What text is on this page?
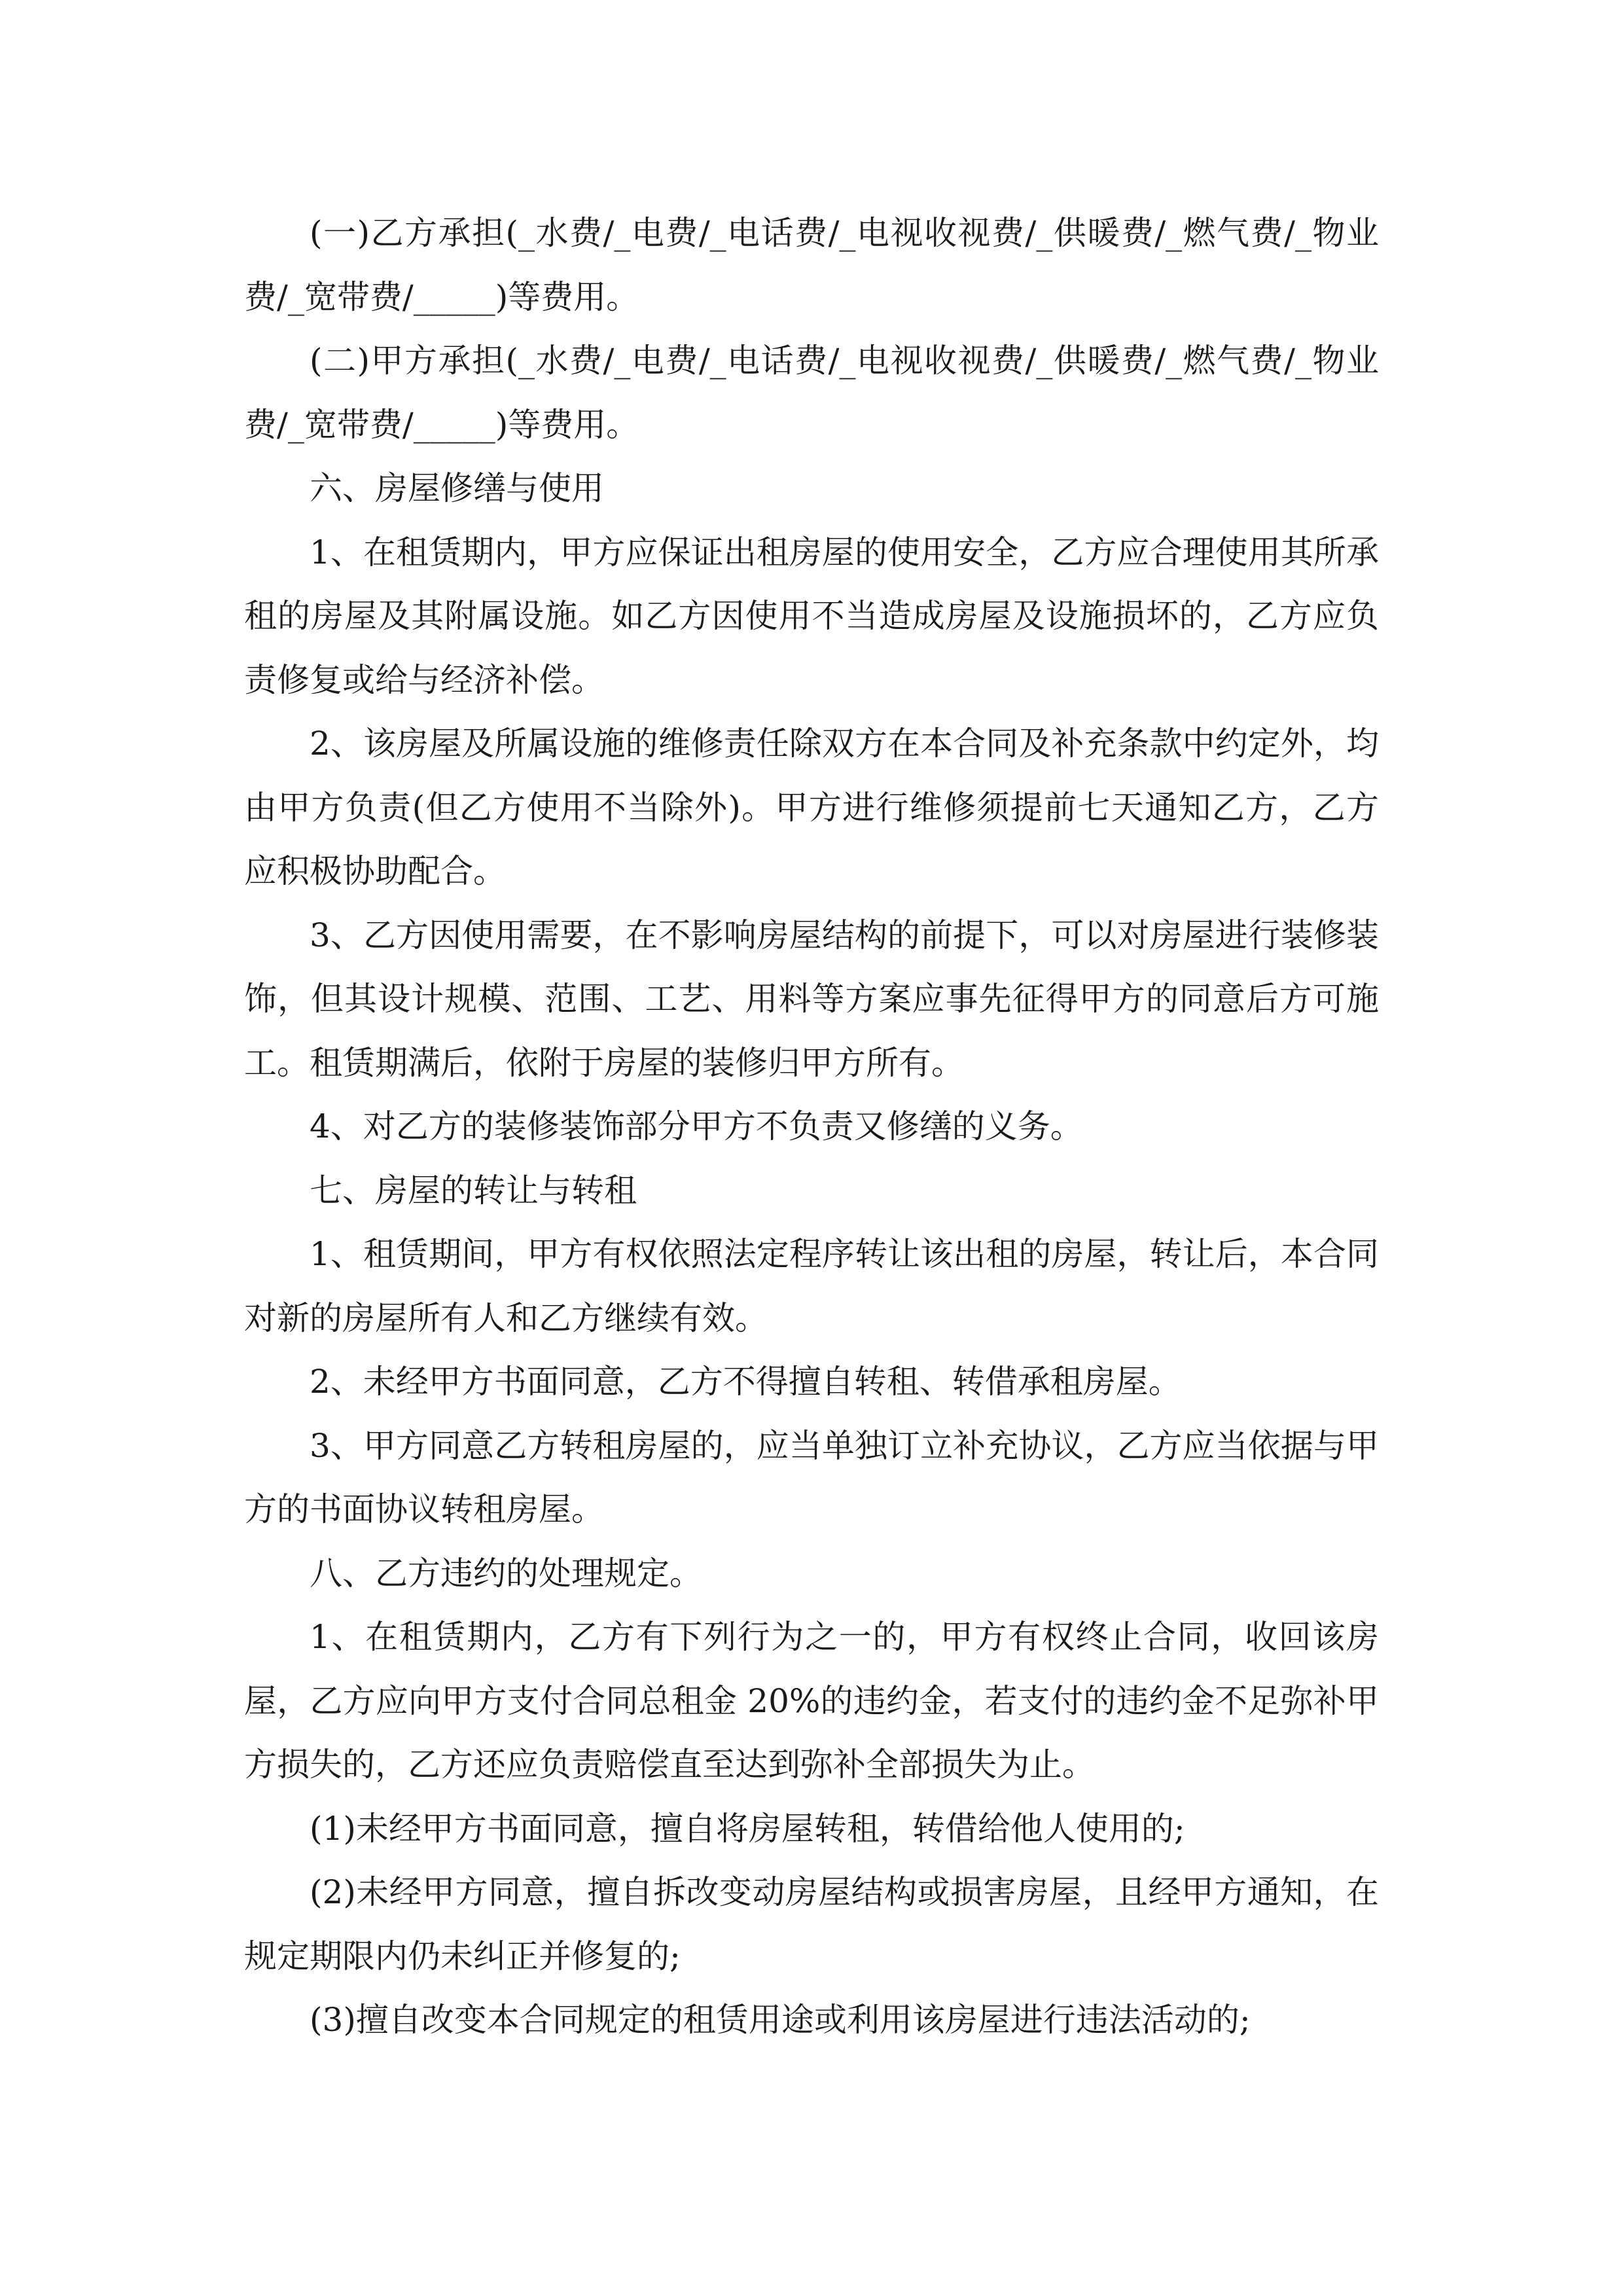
(一)乙方承担(_水费/_电费/_电话费/_电视收视费/_供暖费/_燃气费/_物业费/_宽带费/_____)等费用。

(二)甲方承担(_水费/_电费/_电话费/_电视收视费/_供暖费/_燃气费/_物业费/_宽带费/_____)等费用。

六、房屋修缮与使用

1、在租赁期内，甲方应保证出租房屋的使用安全，乙方应合理使用其所承租的房屋及其附属设施。如乙方因使用不当造成房屋及设施损坏的，乙方应负责修复或给与经济补偿。

2、该房屋及所属设施的维修责任除双方在本合同及补充条款中约定外，均由甲方负责(但乙方使用不当除外)。甲方进行维修须提前七天通知乙方，乙方应积极协助配合。

3、乙方因使用需要，在不影响房屋结构的前提下，可以对房屋进行装修装饰，但其设计规模、范围、工艺、用料等方案应事先征得甲方的同意后方可施工。租赁期满后，依附于房屋的装修归甲方所有。

4、对乙方的装修装饰部分甲方不负责又修缮的义务。

七、房屋的转让与转租

1、租赁期间，甲方有权依照法定程序转让该出租的房屋，转让后，本合同对新的房屋所有人和乙方继续有效。

2、未经甲方书面同意，乙方不得擅自转租、转借承租房屋。

3、甲方同意乙方转租房屋的，应当单独订立补充协议，乙方应当依据与甲方的书面协议转租房屋。

八、乙方违约的处理规定。

1、在租赁期内，乙方有下列行为之一的，甲方有权终止合同，收回该房屋，乙方应向甲方支付合同总租金 20%的违约金，若支付的违约金不足弥补甲方损失的，乙方还应负责赔偿直至达到弥补全部损失为止。

(1)未经甲方书面同意，擅自将房屋转租，转借给他人使用的;

(2)未经甲方同意，擅自拆改变动房屋结构或损害房屋，且经甲方通知，在规定期限内仍未纠正并修复的;

(3)擅自改变本合同规定的租赁用途或利用该房屋进行违法活动的;
